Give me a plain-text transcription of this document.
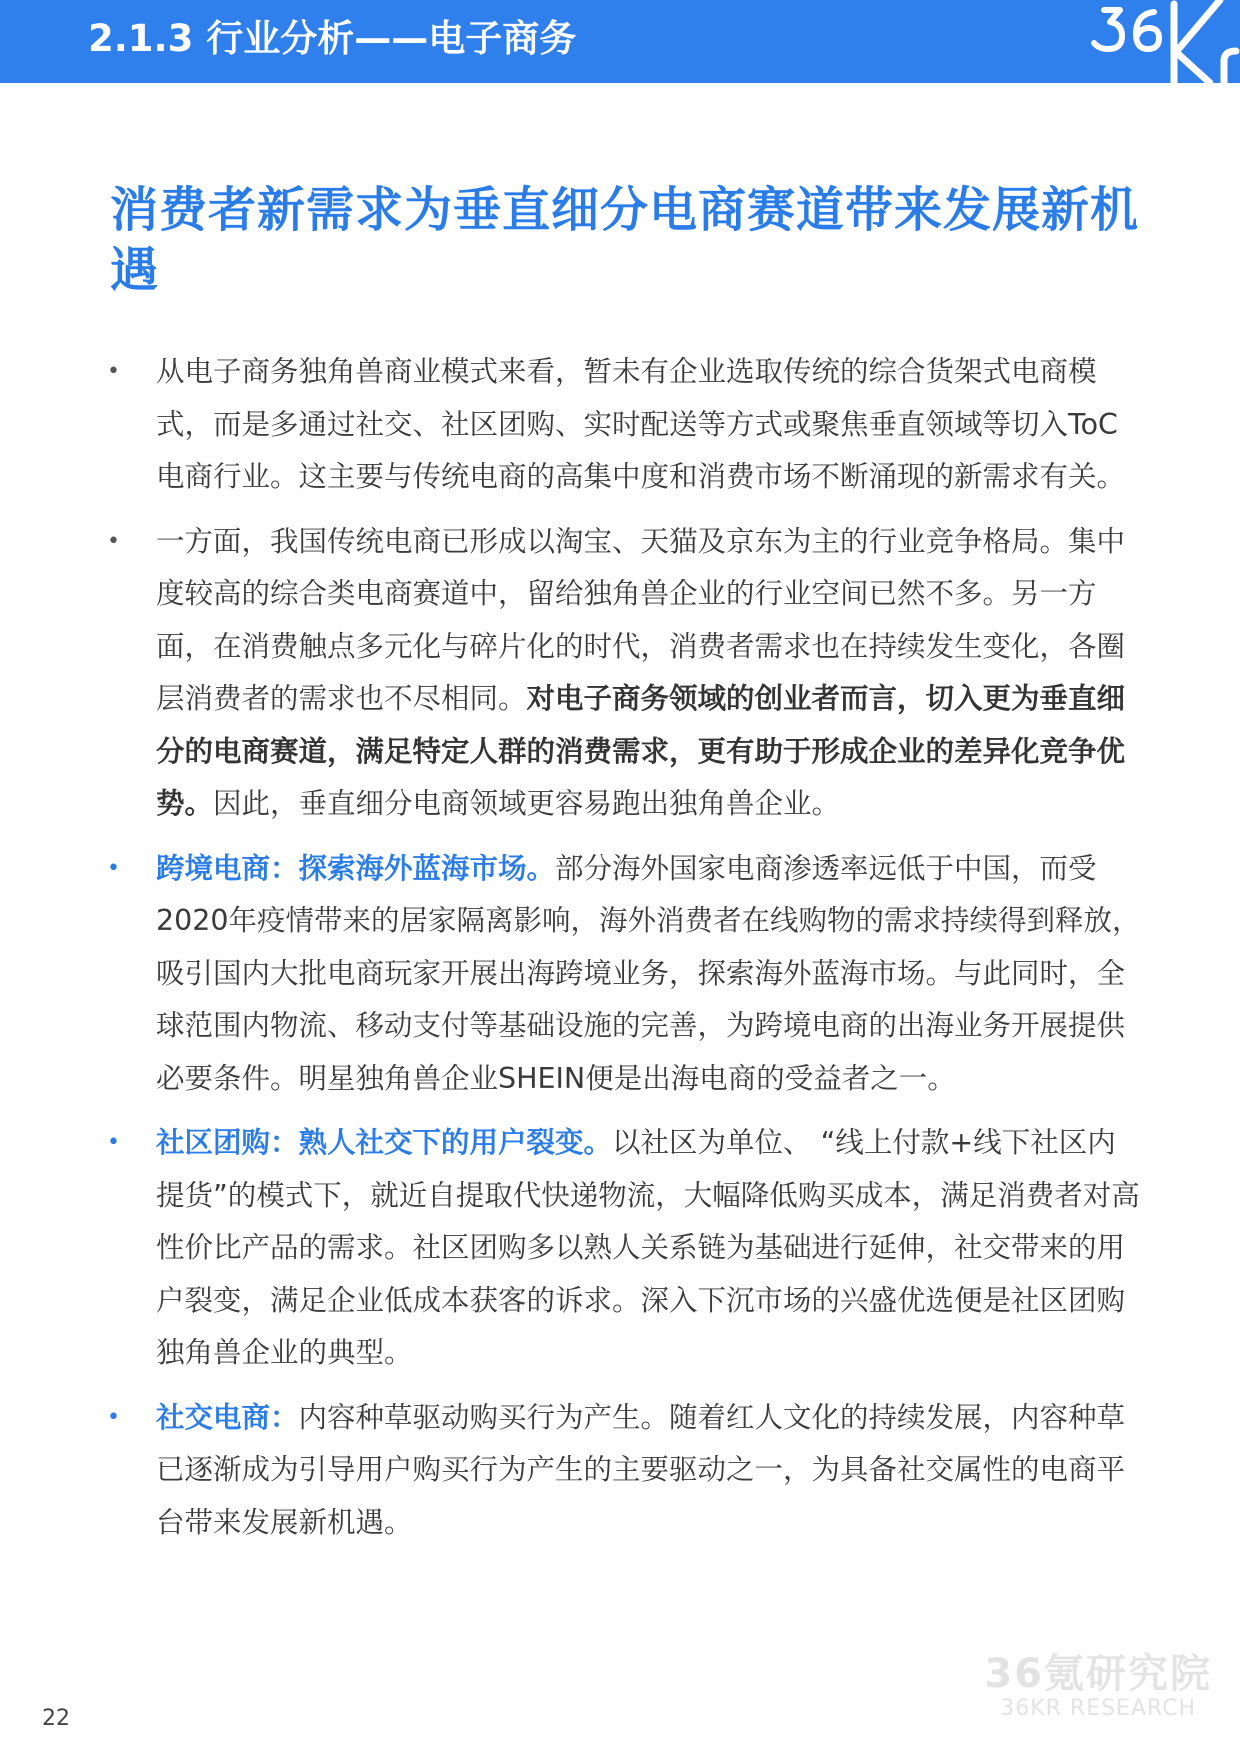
2.1.3 行业分析——电子商务
消费者新需求为垂直细分电商赛道带来发展新机遇
• 从电子商务独角兽商业模式来看，暂未有企业选取传统的综合货架式电商模式，而是多通过社交、社区团购、实时配送等方式或聚焦垂直领域等切入ToC电商行业。这主要与传统电商的高集中度和消费市场不断涌现的新需求有关。
• 一方面，我国传统电商已形成以淘宝、天猫及京东为主的行业竞争格局。集中度较高的综合类电商赛道中，留给独角兽企业的行业空间已然不多。另一方面，在消费触点多元化与碎片化的时代，消费者需求也在持续发生变化，各圈层消费者的需求也不尽相同。对电子商务领域的创业者而言，切入更为垂直细分的电商赛道，满足特定人群的消费需求，更有助于形成企业的差异化竞争优势。因此，垂直细分电商领域更容易跑出独角兽企业。
• 跨境电商：探索海外蓝海市场。部分海外国家电商渗透率远低于中国，而受2020年疫情带来的居家隔离影响，海外消费者在线购物的需求持续得到释放，吸引国内大批电商玩家开展出海跨境业务，探索海外蓝海市场。与此同时，全球范围内物流、移动支付等基础设施的完善，为跨境电商的出海业务开展提供必要条件。明星独角兽企业SHEIN便是出海电商的受益者之一。
• 社区团购：熟人社交下的用户裂变。以社区为单位、 “线上付款+线下社区内提货”的模式下，就近自提取代快递物流，大幅降低购买成本，满足消费者对高性价比产品的需求。社区团购多以熟人关系链为基础进行延伸，社交带来的用户裂变，满足企业低成本获客的诉求。深入下沉市场的兴盛优选便是社区团购独角兽企业的典型。
• 社交电商：内容种草驱动购买行为产生。随着红人文化的持续发展，内容种草已逐渐成为引导用户购买行为产生的主要驱动之一，为具备社交属性的电商平台带来发展新机遇。
22
36氪研究院
36KR RESEARCH
